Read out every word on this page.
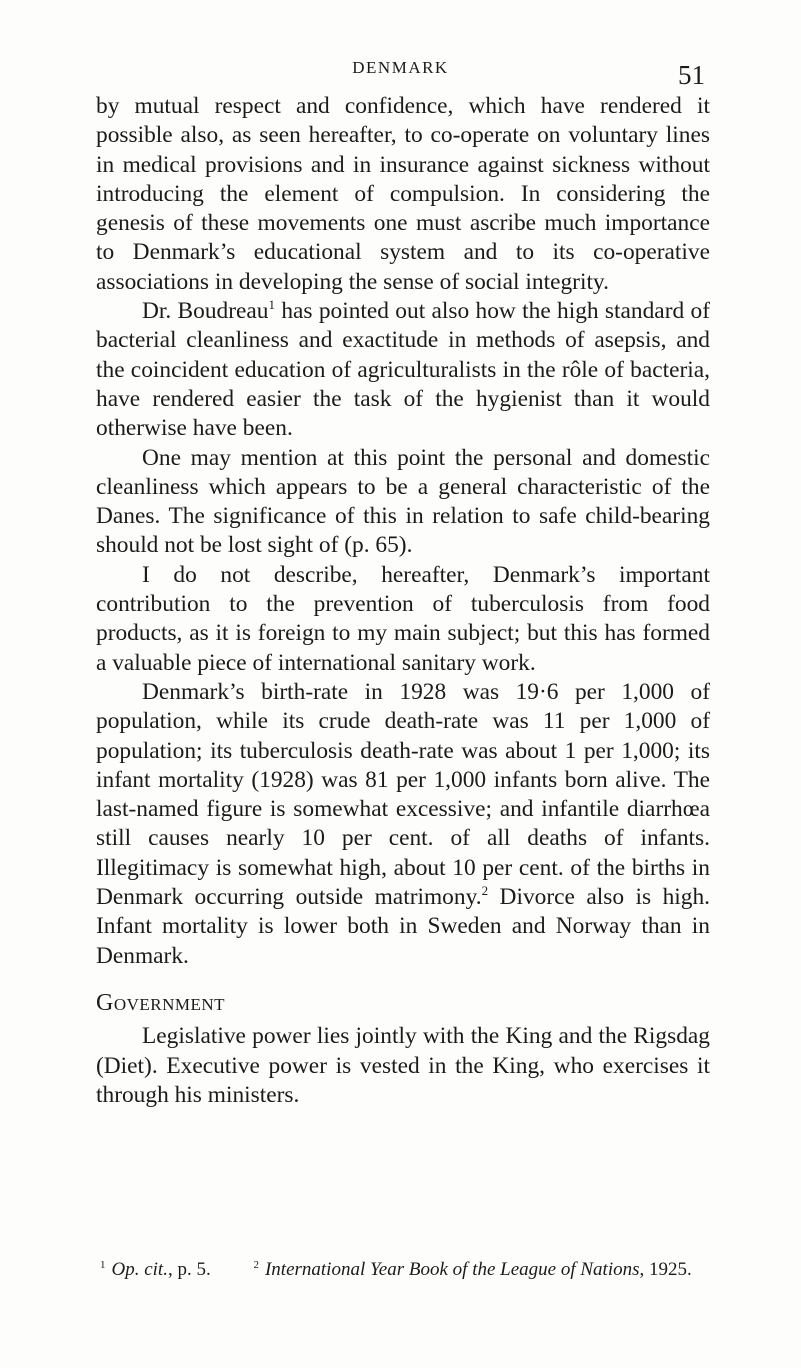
DENMARK	51

by mutual respect and confidence, which have rendered it possible also, as seen hereafter, to co-operate on voluntary lines in medical provisions and in insurance against sickness without introducing the element of compulsion. In considering the genesis of these movements one must ascribe much importance to Denmark’s educational system and to its co-operative associations in developing the sense of social integrity.

Dr. Boudreau$^1$ has pointed out also how the high standard of bacterial cleanliness and exactitude in methods of asepsis, and the coincident education of agriculturalists in the rôle of bacteria, have rendered easier the task of the hygienist than it would otherwise have been.

One may mention at this point the personal and domestic cleanliness which appears to be a general characteristic of the Danes. The significance of this in relation to safe child-bearing should not be lost sight of (p. 65).

I do not describe, hereafter, Denmark’s important contribution to the prevention of tuberculosis from food products, as it is foreign to my main subject; but this has formed a valuable piece of international sanitary work.

Denmark’s birth-rate in 1928 was 19·6 per 1,000 of population, while its crude death-rate was 11 per 1,000 of population; its tuberculosis death-rate was about 1 per 1,000; its infant mortality (1928) was 81 per 1,000 infants born alive. The last-named figure is somewhat excessive; and infantile diarrhœa still causes nearly 10 per cent. of all deaths of infants. Illegitimacy is somewhat high, about 10 per cent. of the births in Denmark occurring outside matrimony.$^2$ Divorce also is high. Infant mortality is lower both in Sweden and Norway than in Denmark.

Government

Legislative power lies jointly with the King and the Rigsdag (Diet). Executive power is vested in the King, who exercises it through his ministers.

$^1$ Op. cit., p. 5.	$^2$ International Year Book of the League of Nations, 1925.
